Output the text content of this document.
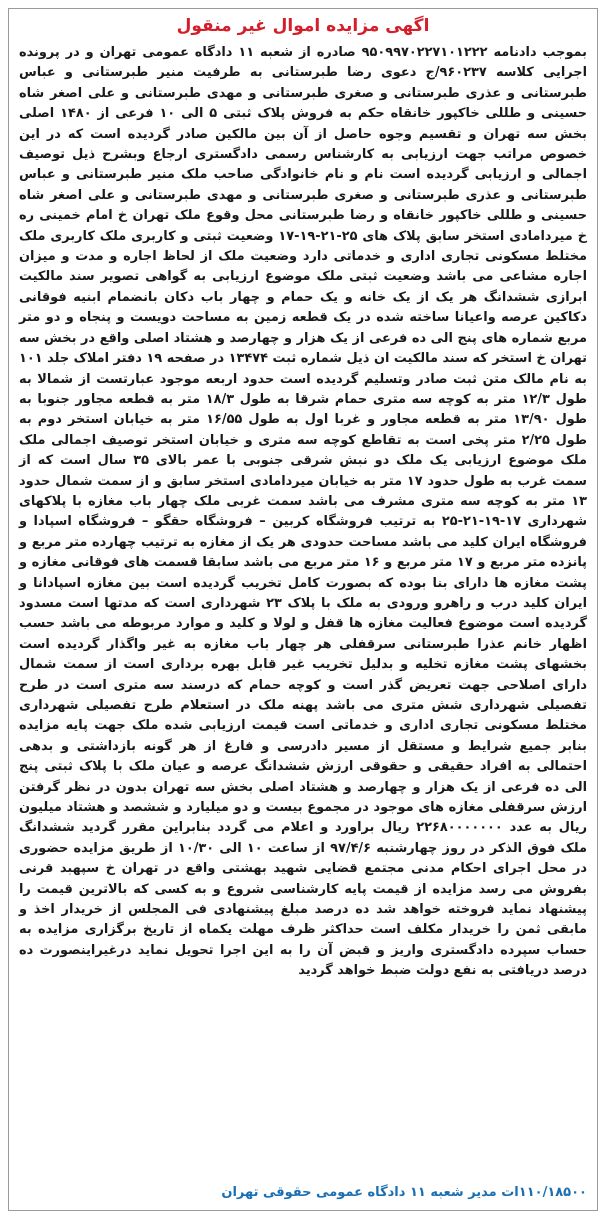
اگهی مزایده اموال غیر منقول
بموجب دادنامه ۹۵۰۹۹۷۰۲۲۷۱۰۱۲۲۲ صادره از شعبه ۱۱ دادگاه عمومی تهران و در پرونده اجرایی کلاسه ۹۶۰۲۳۷/ج دعوی رضا طبرستانی به طرفیت منیر طبرستانی و عباس طبرستانی و عذری طبرستانی و صغری طبرستانی و مهدی طبرستانی و علی اصغر شاه حسینی و طللی خاکپور خانقاه حکم به فروش پلاک ثبتی ۵ الی ۱۰ فرعی از ۱۴۸۰ اصلی بخش سه تهران و تقسیم وجوه حاصل از آن بین مالکین صادر گردیده است که در این خصوص مراتب جهت ارزیابی به کارشناس رسمی دادگستری ارجاع وبشرح ذیل توصیف اجمالی و ارزیابی گردیده است نام و نام خانوادگی صاحب ملک منیر طبرستانی و عباس طبرستانی و عذری طبرستانی و صغری طبرستانی و مهدی طبرستانی و علی اصغر شاه حسینی و طللی خاکپور خانقاه و رضا طبرستانی محل وقوع ملک تهران خ امام خمینی ره خ میردامادی استخر سابق پلاک های ۲۵-۲۱-۱۹-۱۷ وضعیت ثبتی و کاربری ملک کاربری ملک مختلط مسکونی تجاری اداری و خدماتی دارد وضعیت ملک از لحاظ اجاره و مدت و میزان اجاره مشاعی می باشد وضعیت ثبتی ملک موضوع ارزیابی به گواهی تصویر سند مالکیت ابرازی ششدانگ هر یک از یک خانه و یک حمام و چهار باب دکان بانضمام ابنیه فوقانی دکاکین عرصه واعیانا ساخته شده در یک قطعه زمین به مساحت دویست و پنجاه و دو متر مربع شماره های پنج الی ده فرعی از یک هزار و چهارصد و هشتاد اصلی واقع در بخش سه تهران خ استخر که سند مالکیت ان ذیل شماره ثبت ۱۳۴۷۴ در صفحه ۱۹ دفتر املاک جلد ۱۰۱ به نام مالک متن ثبت صادر وتسلیم گردیده است حدود اربعه موجود عبارتست از شمالا به طول ۱۲/۳ متر به کوچه سه متری حمام شرقا به طول ۱۸/۳ متر به قطعه مجاور جنوبا به طول ۱۳/۹۰ متر به قطعه مجاور و غربا اول به طول ۱۶/۵۵ متر به خیابان استخر دوم به طول ۲/۲۵ متر پخی است به تقاطع کوچه سه متری و خیابان استخر توصیف اجمالی ملک ملک موضوع ارزیابی یک ملک دو نبش شرقی جنوبی با عمر بالای ۳۵ سال است که از سمت غرب به طول حدود ۱۷ متر به خیابان میردامادی استخر سابق و از سمت شمال حدود ۱۳ متر به کوچه سه متری مشرف می باشد سمت غربی ملک چهار باب مغازه با پلاکهای شهرداری ۱۷-۱۹-۲۱-۲۵ به ترتیب فروشگاه کربین – فروشگاه حقگو – فروشگاه اسپادا و فروشگاه ایران کلید می باشد مساحت حدودی هر یک از مغازه به ترتیب چهارده متر مربع و پانزده متر مربع و ۱۷ متر مربع و ۱۶ متر مربع می باشد سابقا قسمت های فوقانی مغازه و پشت مغازه ها دارای بنا بوده که بصورت کامل تخریب گردیده است بین مغازه اسپادانا و ایران کلید درب و راهرو ورودی به ملک با پلاک ۲۳ شهرداری است که مدتها است مسدود گردیده است موضوع فعالیت مغازه ها قفل و لولا و کلید و موارد مربوطه می باشد حسب اظهار خانم عذرا طبرستانی سرقفلی هر چهار باب مغازه به غیر واگذار گردیده است بخشهای پشت مغازه تخلیه و بدلیل تخریب غیر قابل بهره برداری است از سمت شمال دارای اصلاحی جهت تعریض گذر است و کوچه حمام که درسند سه متری است در طرح تفصیلی شهرداری شش متری می باشد پهنه ملک در استعلام طرح تفصیلی شهرداری مختلط مسکونی تجاری اداری و خدماتی است قیمت ارزیابی شده ملک جهت پایه مزایده بنابر جمیع شرایط و مستقل از مسیر دادرسی و فارغ از هر گونه بازداشتی و بدهی احتمالی به افراد حقیقی و حقوقی ارزش ششدانگ عرصه و عیان ملک با پلاک ثبتی پنج الی ده فرعی از یک هزار و چهارصد و هشتاد اصلی بخش سه تهران بدون در نظر گرفتن ارزش سرقفلی مغازه های موجود در مجموع بیست و دو میلیارد و ششصد و هشتاد میلیون ریال به عدد ۲۲۶۸۰۰۰۰۰۰۰ ریال براورد و اعلام می گردد بنابراین مقرر گردید ششدانگ ملک فوق الذکر در روز چهارشنبه ۹۷/۴/۶ از ساعت ۱۰ الی ۱۰/۳۰ از طریق مزایده حضوری در محل اجرای احکام مدنی مجتمع قضایی شهید بهشتی واقع در تهران خ سپهبد قرنی بفروش می رسد مزایده از قیمت پایه کارشناسی شروع و به کسی که بالاترین قیمت را پیشنهاد نماید فروخته خواهد شد ده درصد مبلغ پیشنهادی فی المجلس از خریدار اخذ و مابقی ثمن را خریدار مکلف است حداکثر ظرف مهلت یکماه از تاریخ برگزاری مزایده به حساب سپرده دادگستری واریز و قبض آن را به این اجرا تحویل نماید درغیراینصورت ده درصد دریافتی به نفع دولت ضبط خواهد گردید
۱۱۰/۱۸۵۰۰ات مدیر شعبه ۱۱ دادگاه عمومی حقوقی تهران
